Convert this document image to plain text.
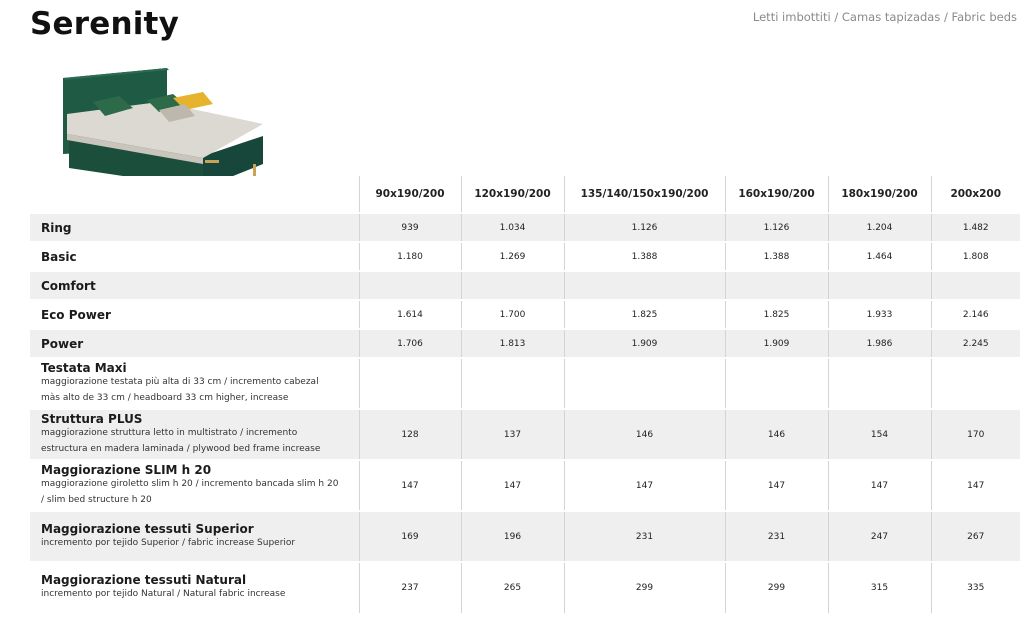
Serenity	Letti imbottiti / Camas tapizadas / Fabric beds
	90x190/200	120x190/200	135/140/150x190/200	160x190/200	180x190/200	200x200

Ring	939	1.034	1.126	1.126	1.204	1.482

Basic	1.180	1.269	1.388	1.388	1.464	1.808

Comfort						

Eco Power	1.614	1.700	1.825	1.825	1.933	2.146

Power	1.706	1.813	1.909	1.909	1.986	2.245

Testata Maxi
maggiorazione testata più alta di 33 cm / incremento cabezal
màs alto de 33 cm / headboard 33 cm higher, increase						

Struttura PLUS
maggiorazione struttura letto in multistrato / incremento
estructura en madera laminada / plywood bed frame increase	128	137	146	146	154	170

Maggiorazione SLIM h 20
maggiorazione giroletto slim h 20 / incremento bancada slim h 20
/ slim bed structure h 20	147	147	147	147	147	147

Maggiorazione tessuti Superior
incremento por tejido Superior / fabric increase Superior	169	196	231	231	247	267

Maggiorazione tessuti Natural
incremento por tejido Natural / Natural fabric increase	237	265	299	299	315	335
